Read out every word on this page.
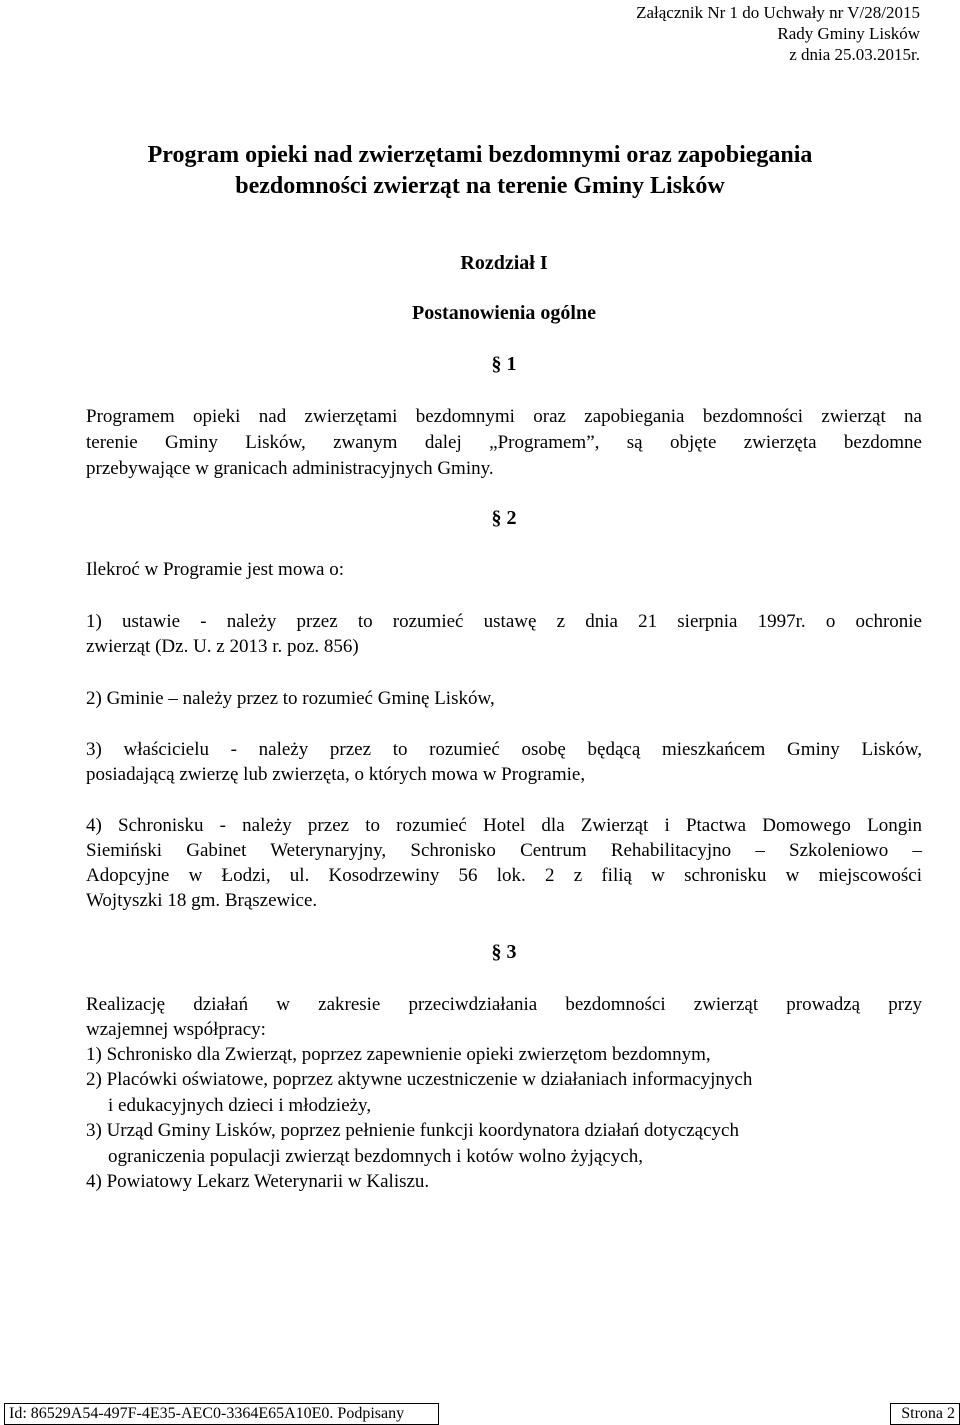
Załącznik Nr 1 do Uchwały nr V/28/2015
Rady Gminy Lisków
z dnia 25.03.2015r.
Program opieki nad zwierzętami bezdomnymi oraz zapobiegania
bezdomności zwierząt na terenie Gminy Lisków
Rozdział I
Postanowienia ogólne
§ 1
Programem opieki nad zwierzętami bezdomnymi oraz zapobiegania bezdomności zwierząt na
terenie Gminy Lisków, zwanym dalej „Programem”, są objęte zwierzęta bezdomne
przebywające w granicach administracyjnych Gminy.
§ 2
Ilekroć w Programie jest mowa o:
1) ustawie - należy przez to rozumieć ustawę z dnia 21 sierpnia 1997r. o ochronie
zwierząt (Dz. U. z 2013 r. poz. 856)
2) Gminie – należy przez to rozumieć Gminę Lisków,
3) właścicielu - należy przez to rozumieć osobę będącą mieszkańcem Gminy Lisków,
posiadającą zwierzę lub zwierzęta, o których mowa w Programie,
4) Schronisku - należy przez to rozumieć Hotel dla Zwierząt i Ptactwa Domowego Longin
Siemiński Gabinet Weterynaryjny, Schronisko Centrum Rehabilitacyjno – Szkoleniowo –
Adopcyjne w Łodzi, ul. Kosodrzewiny 56 lok. 2 z filią w schronisku w miejscowości
Wojtyszki 18 gm. Brąszewice.
§ 3
Realizację działań w zakresie przeciwdziałania bezdomności zwierząt prowadzą przy
wzajemnej współpracy:
1) Schronisko dla Zwierząt, poprzez zapewnienie opieki zwierzętom bezdomnym,
2) Placówki oświatowe, poprzez aktywne uczestniczenie w działaniach informacyjnych
i edukacyjnych dzieci i młodzieży,
3) Urząd Gminy Lisków, poprzez pełnienie funkcji koordynatora działań dotyczących
ograniczenia populacji zwierząt bezdomnych i kotów wolno żyjących,
4) Powiatowy Lekarz Weterynarii w Kaliszu.
Id: 86529A54-497F-4E35-AEC0-3364E65A10E0. Podpisany	Strona 2
